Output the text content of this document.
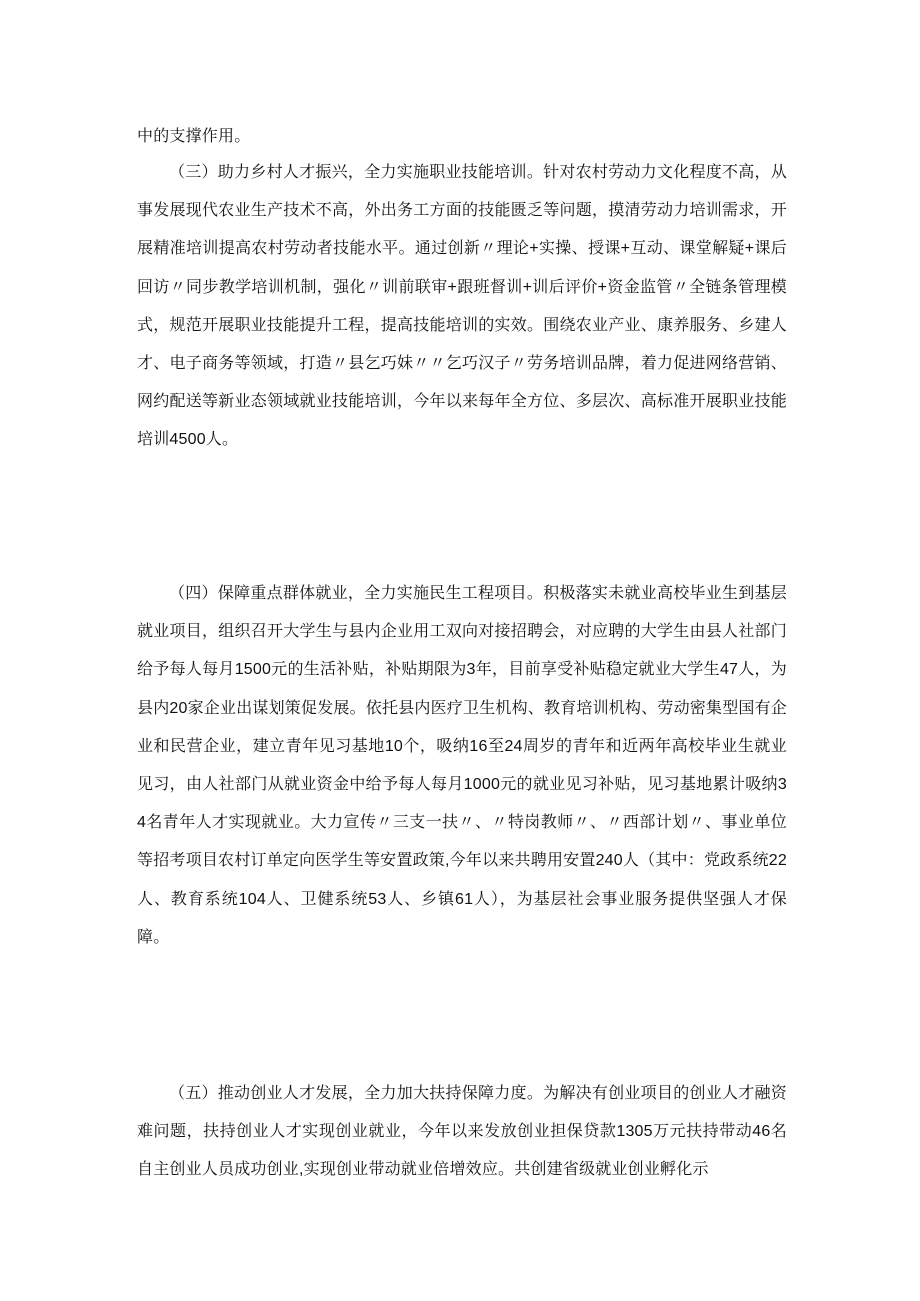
中的支撑作用。

（三）助力乡村人才振兴，全力实施职业技能培训。针对农村劳动力文化程度不高，从事发展现代农业生产技术不高，外出务工方面的技能匮乏等问题，摸清劳动力培训需求，开展精准培训提高农村劳动者技能水平。通过创新〃理论+实操、授课+互动、课堂解疑+课后回访〃同步教学培训机制，强化〃训前联审+跟班督训+训后评价+资金监管〃全链条管理模式，规范开展职业技能提升工程，提高技能培训的实效。围绕农业产业、康养服务、乡建人才、电子商务等领域，打造〃县乞巧妹〃〃乞巧汉子〃劳务培训品牌，着力促进网络营销、网约配送等新业态领域就业技能培训，今年以来每年全方位、多层次、高标准开展职业技能培训4500人。

（四）保障重点群体就业，全力实施民生工程项目。积极落实未就业高校毕业生到基层就业项目，组织召开大学生与县内企业用工双向对接招聘会，对应聘的大学生由县人社部门给予每人每月1500元的生活补贴，补贴期限为3年，目前享受补贴稳定就业大学生47人，为县内20家企业出谋划策促发展。依托县内医疗卫生机构、教育培训机构、劳动密集型国有企业和民营企业，建立青年见习基地10个，吸纳16至24周岁的青年和近两年高校毕业生就业见习，由人社部门从就业资金中给予每人每月1000元的就业见习补贴，见习基地累计吸纳34名青年人才实现就业。大力宣传〃三支一扶〃、〃特岗教师〃、〃西部计划〃、事业单位等招考项目农村订单定向医学生等安置政策,今年以来共聘用安置240人（其中：党政系统22人、教育系统104人、卫健系统53人、乡镇61人），为基层社会事业服务提供坚强人才保障。

（五）推动创业人才发展，全力加大扶持保障力度。为解决有创业项目的创业人才融资难问题，扶持创业人才实现创业就业，今年以来发放创业担保贷款1305万元扶持带动46名自主创业人员成功创业,实现创业带动就业倍增效应。共创建省级就业创业孵化示
